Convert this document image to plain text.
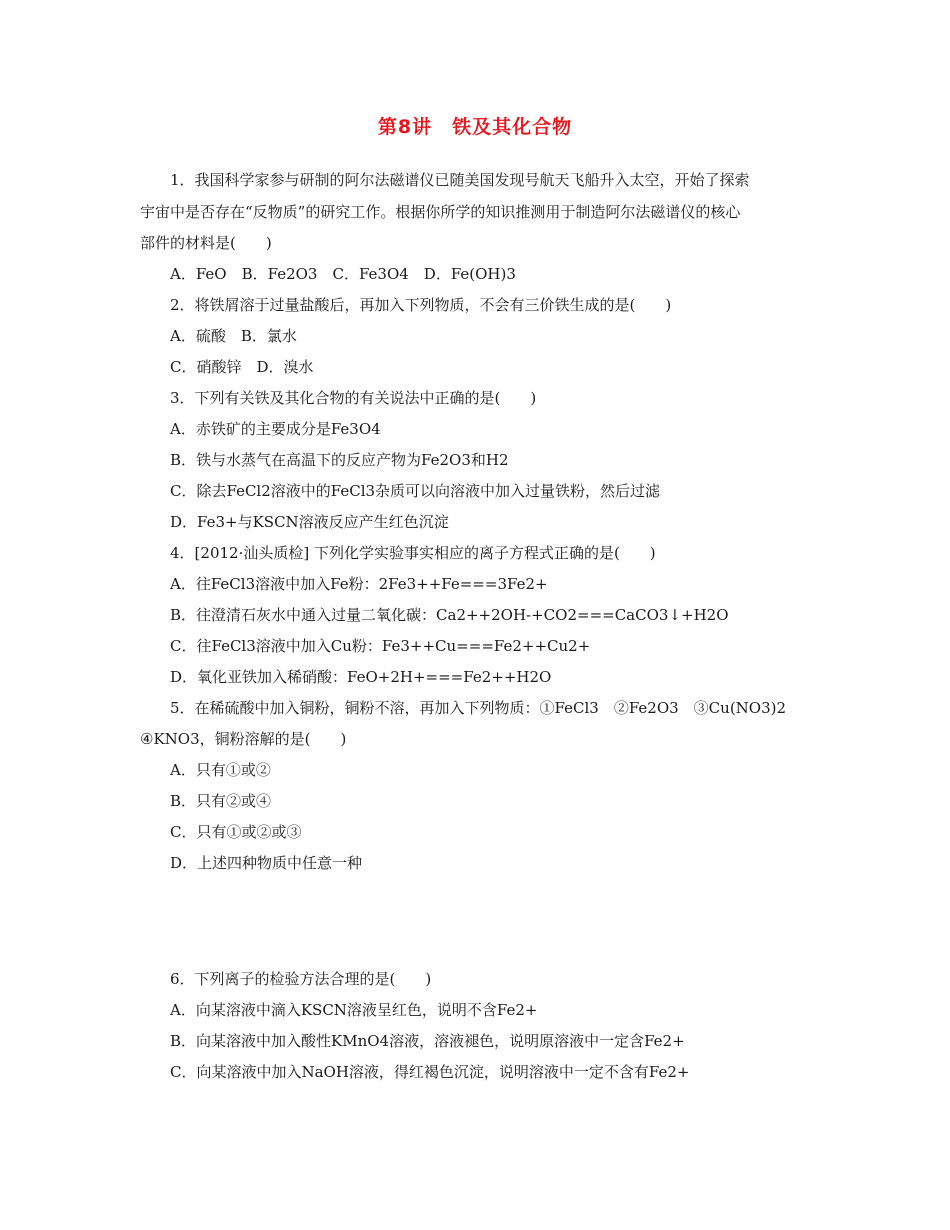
第8讲　铁及其化合物
1．我国科学家参与研制的阿尔法磁谱仪已随美国发现号航天飞船升入太空，开始了探索
宇宙中是否存在“反物质”的研究工作。根据你所学的知识推测用于制造阿尔法磁谱仪的核心
部件的材料是(　　)
A．FeO　B．Fe2O3　C．Fe3O4　D．Fe(OH)3
2．将铁屑溶于过量盐酸后，再加入下列物质，不会有三价铁生成的是(　　)
A．硫酸　B．氯水
C．硝酸锌　D．溴水
3．下列有关铁及其化合物的有关说法中正确的是(　　)
A．赤铁矿的主要成分是Fe3O4
B．铁与水蒸气在高温下的反应产物为Fe2O3和H2
C．除去FeCl2溶液中的FeCl3杂质可以向溶液中加入过量铁粉，然后过滤
D．Fe3+与KSCN溶液反应产生红色沉淀
4．[2012·汕头质检] 下列化学实验事实相应的离子方程式正确的是(　　)
A．往FeCl3溶液中加入Fe粉：2Fe3++Fe===3Fe2+
B．往澄清石灰水中通入过量二氧化碳：Ca2++2OH-+CO2===CaCO3↓+H2O
C．往FeCl3溶液中加入Cu粉：Fe3++Cu===Fe2++Cu2+
D．氧化亚铁加入稀硝酸：FeO+2H+===Fe2++H2O
5．在稀硫酸中加入铜粉，铜粉不溶，再加入下列物质：①FeCl3　②Fe2O3　③Cu(NO3)2
④KNO3，铜粉溶解的是(　　)
A．只有①或②
B．只有②或④
C．只有①或②或③
D．上述四种物质中任意一种
6．下列离子的检验方法合理的是(　　)
A．向某溶液中滴入KSCN溶液呈红色，说明不含Fe2+
B．向某溶液中加入酸性KMnO4溶液，溶液褪色，说明原溶液中一定含Fe2+
C．向某溶液中加入NaOH溶液，得红褐色沉淀，说明溶液中一定不含有Fe2+
